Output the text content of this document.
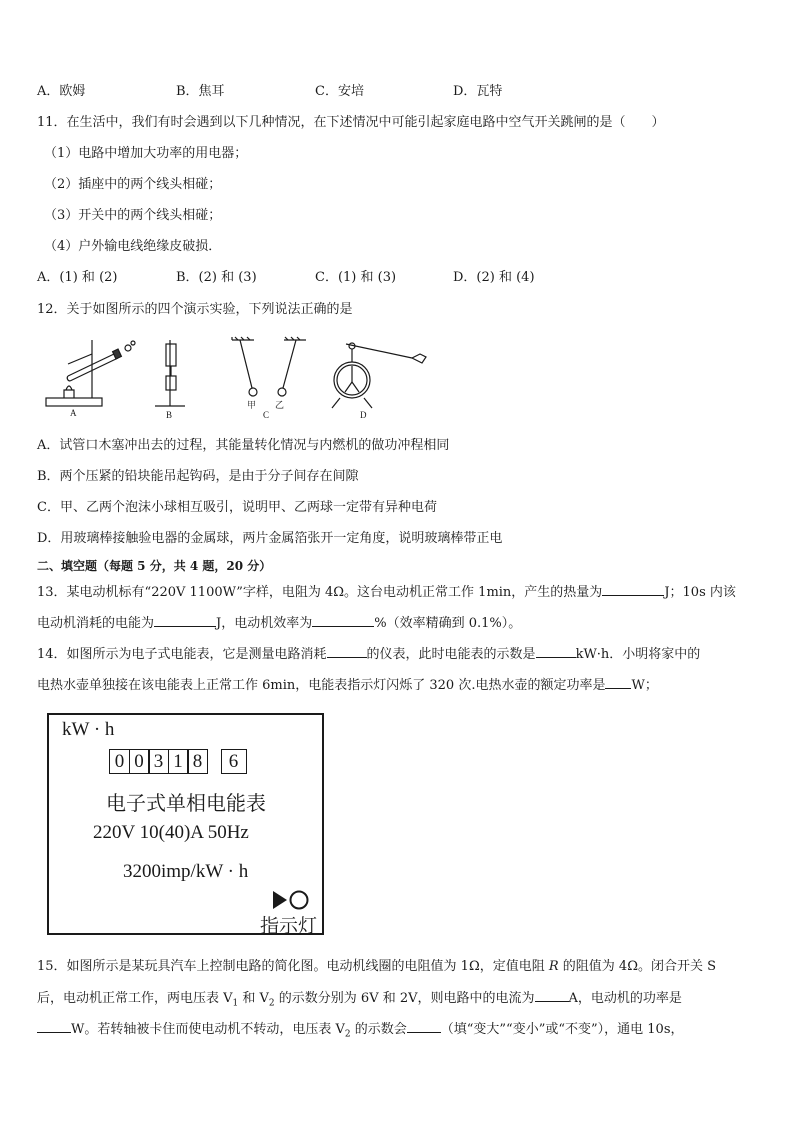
A．欧姆	B．焦耳	C．安培	D．瓦特
11．在生活中，我们有时会遇到以下几种情况，在下述情况中可能引起家庭电路中空气开关跳闸的是（　　）
（1）电路中增加大功率的用电器；
（2）插座中的两个线头相碰；
（3）开关中的两个线头相碰；
（4）户外输电线绝缘皮破损．
A．(1) 和 (2)	B．(2) 和 (3)	C．(1) 和 (3)	D．(2) 和 (4)
12．关于如图所示的四个演示实验，下列说法正确的是
A	B
甲
C
乙
D
A．试管口木塞冲出去的过程，其能量转化情况与内燃机的做功冲程相同
B．两个压紧的铅块能吊起钩码，是由于分子间存在间隙
C．甲、乙两个泡沫小球相互吸引，说明甲、乙两球一定带有异种电荷
D．用玻璃棒接触验电器的金属球，两片金属箔张开一定角度，说明玻璃棒带正电
二、填空题（每题 5 分，共 4 题，20 分）
13．某电动机标有“220V 1100W”字样，电阻为 4Ω。这台电动机正常工作 1min，产生的热量为	J；10s 内该
电动机消耗的电能为	J，电动机效率为	%（效率精确到 0.1%）。
14．如图所示为电子式电能表，它是测量电路消耗	的仪表，此时电能表的示数是	kW·h．小明将家中的
电热水壶单独接在该电能表上正常工作 6min，电能表指示灯闪烁了 320 次.电热水壶的额定功率是 W；
kW · h
0 0 3 1 8	6
电子式单相电能表
220V 10(40)A 50Hz
3200imp/kW · h
指示灯
15．如图所示是某玩具汽车上控制电路的简化图。电动机线圈的电阻值为 1Ω，定值电阻 R 的阻值为 4Ω。闭合开关 S
后，电动机正常工作，两电压表 $V_1$ 和 $V_2$ 的示数分别为 6V 和 2V，则电路中的电流为	A，电动机的功率是
W。若转轴被卡住而使电动机不转动，电压表 $V_2$ 的示数会	（填“变大”“变小”或“不变”），通电 10s，
